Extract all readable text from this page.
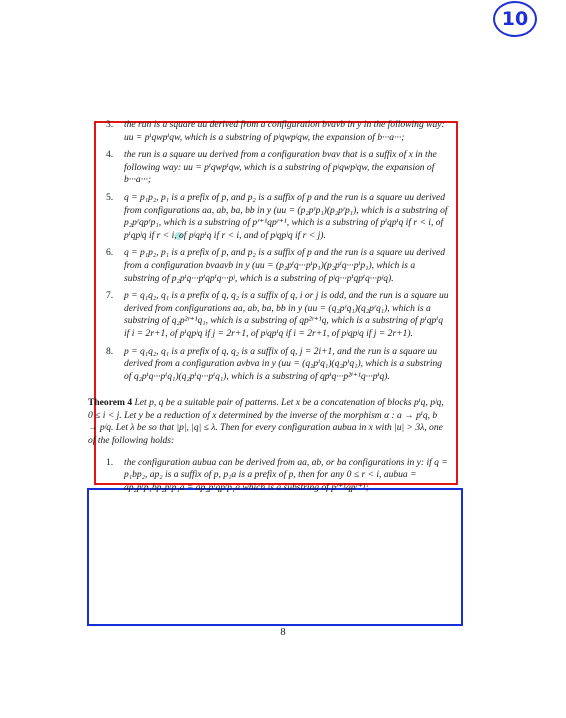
10
3. the run is a square uu derived from a configuration bvavb in y in the following way: uu = pⁱqwpⁱqw, which is a substring of pʲqwpʲqw, the expansion of b···a···;
4. the run is a square uu derived from a configuration bvav that is a suffix of x in the following way: uu = pⁱqwpⁱqw, which is a substring of pʲqwpʲqw, the expansion of b···a···;
5. q = p₁p₂, p₁ is a prefix of p, and p₂ is a suffix of p and the run is a square uu derived from configurations aa, ab, ba, bb in y (uu = (p₂pʳp₁)(p₂pʳp₁), which is a substring of p₂pʳqpʳp₁, which is a substring of pʳ⁺¹qpʳ⁺¹, which is a substring of pⁱqpⁱq if r < i, of pⁱqpʲq if r < i, of pʲqpⁱq if r < i, and of pʲqpʲq if r < j).
6. q = p₁p₂, p₁ is a prefix of p, and p₂ is a suffix of p and the run is a square uu derived from a configuration bvaavb in y (uu = (p₂pⁱq···pⁱp₁)(p₂pⁱq···pⁱp₁), which is a substring of p₂pⁱq···pⁱqpⁱq···pʲ, which is a substring of pʲq···pⁱqpⁱq···pʲq).
7. p = q₁q₂, q₁ is a prefix of q, q₂ is a suffix of q, i or j is odd, and the run is a square uu derived from configurations aa, ab, ba, bb in y (uu = (q₂pʳq₁)(q₂pʳq₁), which is a substring of q₂p²ʳ⁺¹q₁, which is a substring of qp²ʳ⁺¹q, which is a substring of pⁱqpⁱq if i = 2r+1, of pⁱqpʲq if j = 2r+1, of pʲqpⁱq if i = 2r+1, of pʲqpʲq if j = 2r+1).
8. p = q₁q₂, q₁ is a prefix of q, q₂ is a suffix of q, j = 2i+1, and the run is a square uu derived from a configuration avbva in y (uu = (q₂pⁱq₁)(q₂pⁱq₁), which is a substring of q₂pⁱq···pⁱq₁)(q₂pⁱq···pⁱq₁), which is a substring of qpⁱq···p²ⁱ⁺¹q···pⁱq).
Theorem 4 Let p, q be a suitable pair of patterns. Let x be a concatenation of blocks pⁱq, pʲq, 0 ≤ i < j. Let y be a reduction of x determined by the inverse of the morphism α : a → pⁱq, b → pʲq. Let λ be so that |p|, |q| ≤ λ. Then for every configuration aubua in x with |u| > 3λ, one of the following holds:
1. the configuration aubua can be derived from aa, ab, or ba configurations in y: if q = p₁bp₂, ap₂ is a suffix of p, p₁a is a prefix of p, then for any 0 ≤ r < i, aubua = ap₂pʳp₁bp₂pʳp₁a = ap₂pʳqpʳp₁a which is a substring of pʳ⁺¹qpʳ⁺¹;
8
